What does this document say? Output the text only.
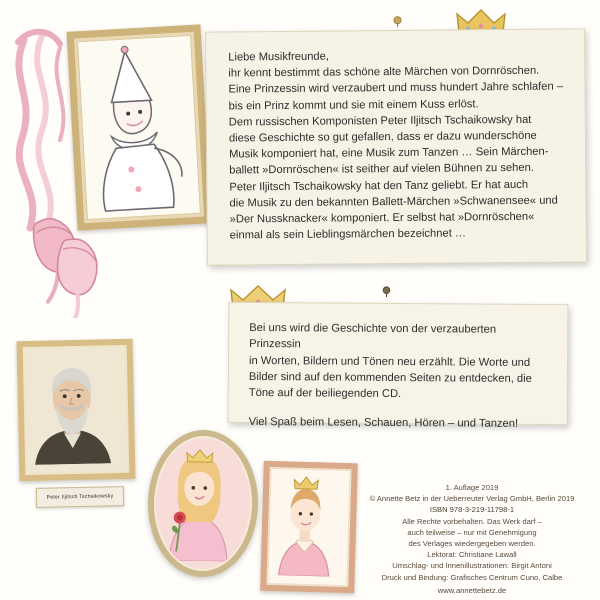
Liebe Musikfreunde,

ihr kennt bestimmt das schöne alte Märchen von Dornröschen.

Eine Prinzessin wird verzaubert und muss hundert Jahre schlafen –

bis ein Prinz kommt und sie mit einem Kuss erlöst.

Dem russischen Komponisten Peter Iljitsch Tschaikowsky hat

diese Geschichte so gut gefallen, dass er dazu wunderschöne

Musik komponiert hat, eine Musik zum Tanzen … Sein Märchen-

ballett »Dornröschen« ist seither auf vielen Bühnen zu sehen.

Peter Iljitsch Tschaikowsky hat den Tanz geliebt. Er hat auch

die Musik zu den bekannten Ballett-Märchen »Schwanensee« und

»Der Nussknacker« komponiert. Er selbst hat »Dornröschen«

einmal als sein Lieblingsmärchen bezeichnet …

Bei uns wird die Geschichte von der verzauberten Prinzessin

in Worten, Bildern und Tönen neu erzählt. Die Worte und

Bilder sind auf den kommenden Seiten zu entdecken, die

Töne auf der beiliegenden CD.

Viel Spaß beim Lesen, Schauen, Hören – und Tanzen!

Peter Iljitsch Tschaikowsky
1. Auflage 2019
© Annette Betz in der Ueberreuter Verlag GmbH, Berlin 2019
ISBN 978-3-219-11798-1
Alle Rechte vorbehalten. Das Werk darf –
auch teilweise – nur mit Genehmigung
des Verlages wiedergegeben werden.
Lektorat: Christiane Lawall
Umschlag- und Innenillustrationen: Birgit Antoni
Druck und Bindung: Grafisches Centrum Cuno, Calbe
www.annettebetz.de
